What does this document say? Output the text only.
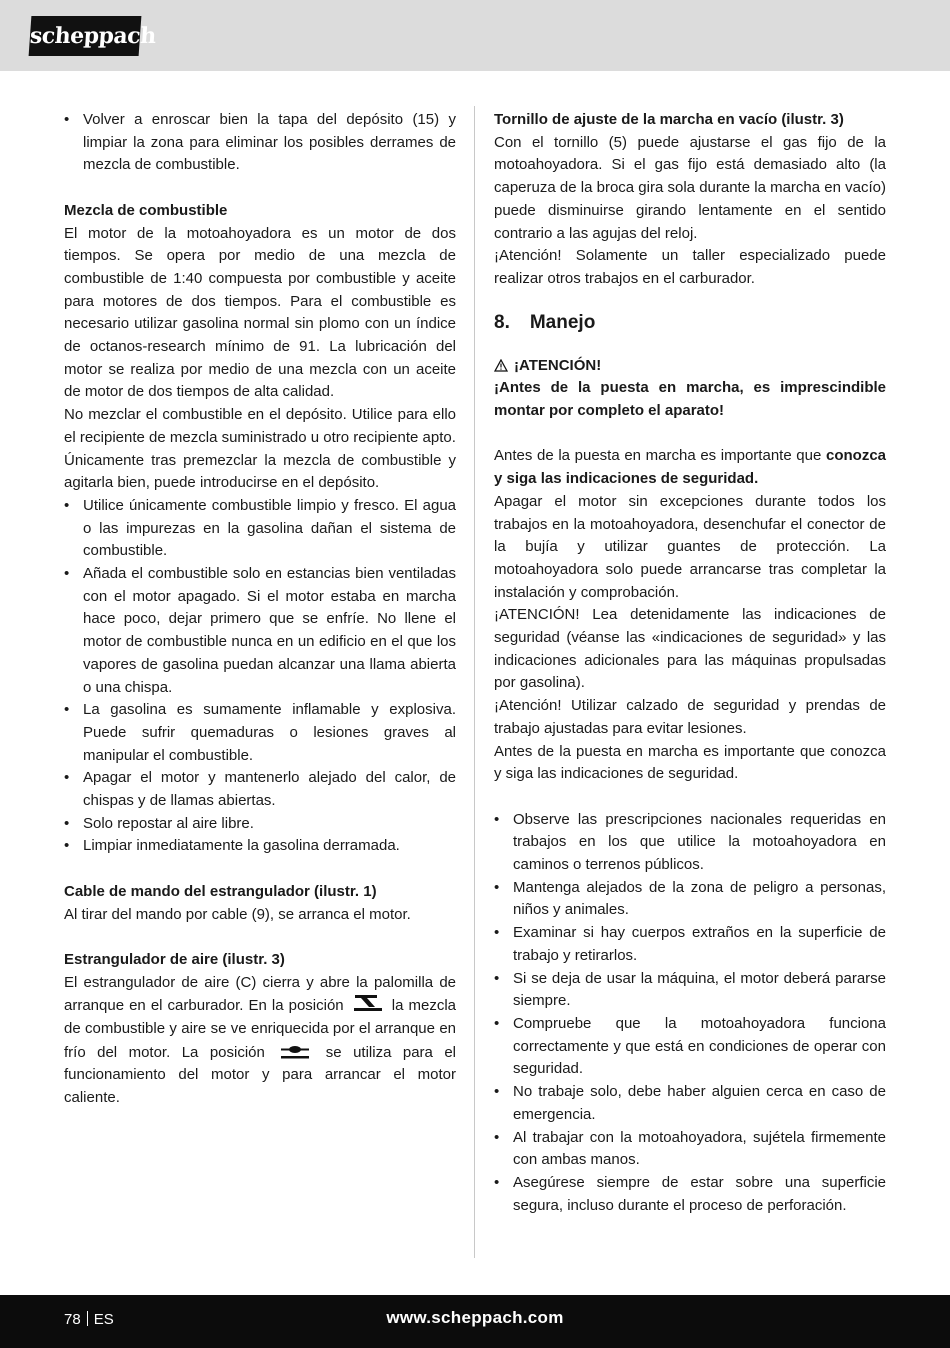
scheppach
• Volver a enroscar bien la tapa del depósito (15) y limpiar la zona para eliminar los posibles derrames de mezcla de combustible.

Mezcla de combustible

El motor de la motoahoyadora es un motor de dos tiempos. Se opera por medio de una mezcla de combustible de 1:40 compuesta por combustible y aceite para motores de dos tiempos. Para el combustible es necesario utilizar gasolina normal sin plomo con un índice de octanos-research mínimo de 91. La lubricación del motor se realiza por medio de una mezcla con un aceite de motor de dos tiempos de alta calidad.

No mezclar el combustible en el depósito. Utilice para ello el recipiente de mezcla suministrado u otro recipiente apto.

Únicamente tras premezclar la mezcla de combustible y agitarla bien, puede introducirse en el depósito.

• Utilice únicamente combustible limpio y fresco. El agua o las impurezas en la gasolina dañan el sistema de combustible.
• Añada el combustible solo en estancias bien ventiladas con el motor apagado. Si el motor estaba en marcha hace poco, dejar primero que se enfríe. No llene el motor de combustible nunca en un edificio en el que los vapores de gasolina puedan alcanzar una llama abierta o una chispa.
• La gasolina es sumamente inflamable y explosiva. Puede sufrir quemaduras o lesiones graves al manipular el combustible.
• Apagar el motor y mantenerlo alejado del calor, de chispas y de llamas abiertas.
• Solo repostar al aire libre.
• Limpiar inmediatamente la gasolina derramada.

Cable de mando del estrangulador (ilustr. 1)

Al tirar del mando por cable (9), se arranca el motor.

Estrangulador de aire (ilustr. 3)

El estrangulador de aire (C) cierra y abre la palomilla de arranque en el carburador. En la posición	la mezcla de combustible y aire se ve enriquecida por el arranque en frío del motor. La posición	se utiliza para el funcionamiento del motor y para arrancar el motor caliente.

Tornillo de ajuste de la marcha en vacío (ilustr. 3)

Con el tornillo (5) puede ajustarse el gas fijo de la motoahoyadora. Si el gas fijo está demasiado alto (la caperuza de la broca gira sola durante la marcha en vacío) puede disminuirse girando lentamente en el sentido contrario a las agujas del reloj.

¡Atención! Solamente un taller especializado puede realizar otros trabajos en el carburador.

8. Manejo
¡ATENCIÓN!

¡Antes de la puesta en marcha, es imprescindible montar por completo el aparato!

Antes de la puesta en marcha es importante que conozca y siga las indicaciones de seguridad.

Apagar el motor sin excepciones durante todos los trabajos en la motoahoyadora, desenchufar el conector de la bujía y utilizar guantes de protección. La motoahoyadora solo puede arrancarse tras completar la instalación y comprobación.

¡ATENCIÓN! Lea detenidamente las indicaciones de seguridad (véanse las «indicaciones de seguridad» y las indicaciones adicionales para las máquinas propulsadas por gasolina).

¡Atención! Utilizar calzado de seguridad y prendas de trabajo ajustadas para evitar lesiones.

Antes de la puesta en marcha es importante que conozca y siga las indicaciones de seguridad.

• Observe las prescripciones nacionales requeridas en trabajos en los que utilice la motoahoyadora en caminos o terrenos públicos.
• Mantenga alejados de la zona de peligro a personas, niños y animales.
• Examinar si hay cuerpos extraños en la superficie de trabajo y retirarlos.
• Si se deja de usar la máquina, el motor deberá pararse siempre.
• Compruebe que la motoahoyadora funciona correctamente y que está en condiciones de operar con seguridad.
• No trabaje solo, debe haber alguien cerca en caso de emergencia.
• Al trabajar con la motoahoyadora, sujétela firmemente con ambas manos.
• Asegúrese siempre de estar sobre una superficie segura, incluso durante el proceso de perforación.
78 ES	www.scheppach.com
